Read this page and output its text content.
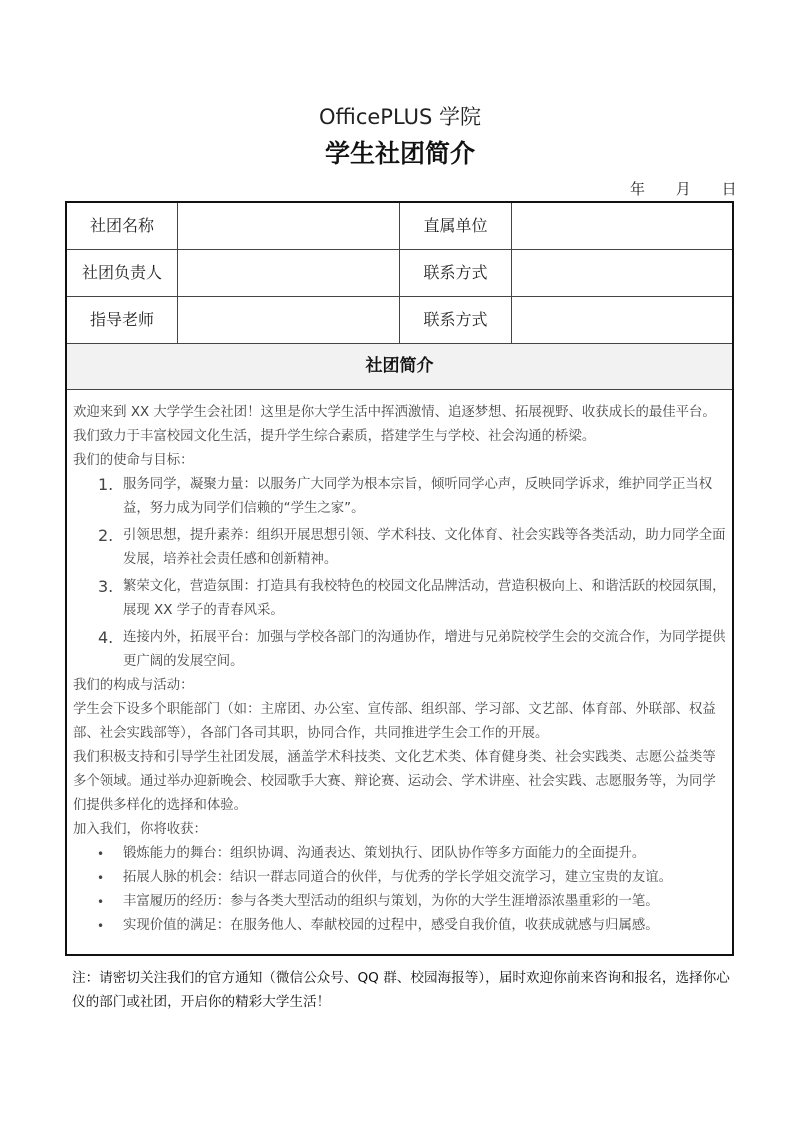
OfficePLUS 学院
学生社团简介
年 月 日
社团名称	直属单位
社团负责人	联系方式
指导老师	联系方式
社团简介

欢迎来到 XX 大学学生会社团！这里是你大学生活中挥洒激情、追逐梦想、拓展视野、收获成长的最佳平台。我们致力于丰富校园文化生活，提升学生综合素质，搭建学生与学校、社会沟通的桥梁。

我们的使命与目标：

1. 服务同学，凝聚力量：以服务广大同学为根本宗旨，倾听同学心声，反映同学诉求，维护同学正当权益，努力成为同学们信赖的“学生之家”。
2. 引领思想，提升素养：组织开展思想引领、学术科技、文化体育、社会实践等各类活动，助力同学全面发展，培养社会责任感和创新精神。
3. 繁荣文化，营造氛围：打造具有我校特色的校园文化品牌活动，营造积极向上、和谐活跃的校园氛围，展现 XX 学子的青春风采。
4. 连接内外，拓展平台：加强与学校各部门的沟通协作，增进与兄弟院校学生会的交流合作，为同学提供更广阔的发展空间。

我们的构成与活动：

学生会下设多个职能部门（如：主席团、办公室、宣传部、组织部、学习部、文艺部、体育部、外联部、权益部、社会实践部等），各部门各司其职，协同合作，共同推进学生会工作的开展。

我们积极支持和引导学生社团发展，涵盖学术科技类、文化艺术类、体育健身类、社会实践类、志愿公益类等多个领域。通过举办迎新晚会、校园歌手大赛、辩论赛、运动会、学术讲座、社会实践、志愿服务等，为同学们提供多样化的选择和体验。

加入我们，你将收获：

• 锻炼能力的舞台：组织协调、沟通表达、策划执行、团队协作等多方面能力的全面提升。
• 拓展人脉的机会：结识一群志同道合的伙伴，与优秀的学长学姐交流学习，建立宝贵的友谊。
• 丰富履历的经历：参与各类大型活动的组织与策划，为你的大学生涯增添浓墨重彩的一笔。
• 实现价值的满足：在服务他人、奉献校园的过程中，感受自我价值，收获成就感与归属感。
注：请密切关注我们的官方通知（微信公众号、QQ 群、校园海报等），届时欢迎你前来咨询和报名，选择你心仪的部门或社团，开启你的精彩大学生活！
